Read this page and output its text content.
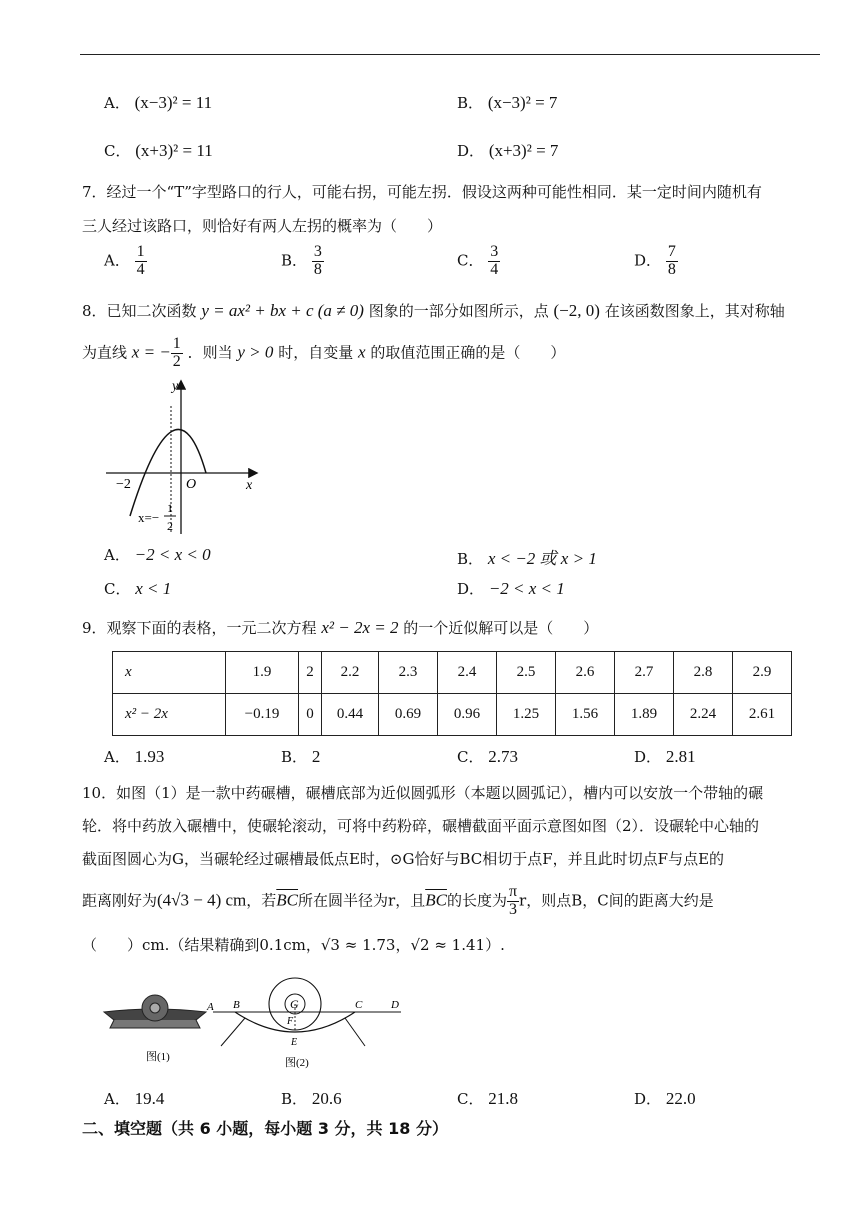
A． (x−3)² = 11	B． (x−3)² = 7
C． (x+3)² = 11	D． (x+3)² = 7
7．经过一个“T”字型路口的行人，可能右拐，可能左拐．假设这两种可能性相同．某一定时间内随机有
三人经过该路口，则恰好有两人左拐的概率为（　　）
A． $\frac{1}{4}$	B． $\frac{3}{8}$	C． $\frac{3}{4}$	D． $\frac{7}{8}$
8．已知二次函数 y = ax² + bx + c (a ≠ 0) 图象的一部分如图所示，点 (−2, 0) 在该函数图象上，其对称轴
为直线 x = − $\frac{1}{2}$ ．则当 y > 0 时，自变量 x 的取值范围正确的是（　　）
y
x
O
−2
x=−
1
2
A． −2 < x < 0	B． x < −2 或 x > 1
C． x < 1	D． −2 < x < 1
9．观察下面的表格，一元二次方程 x² − 2x = 2 的一个近似解可以是（　　）
x	1.9	2	2.2	2.3	2.4	2.5	2.6	2.7	2.8	2.9
x² − 2x	−0.19	0	0.44	0.69	0.96	1.25	1.56	1.89	2.24	2.61
A． 1.93	B． 2	C． 2.73	D． 2.81
10．如图（1）是一款中药碾槽，碾槽底部为近似圆弧形（本题以圆弧记），槽内可以安放一个带轴的碾
轮．将中药放入碾槽中，使碾轮滚动，可将中药粉碎，碾槽截面平面示意图如图（2）．设碾轮中心轴的
截面图圆心为G，当碾轮经过碾槽最低点E时，⊙G恰好与BC相切于点F，并且此时切点F与点E的
距离刚好为(4√3 − 4) cm，若$\overline{BC}$所在圆半径为r，且$\overline{BC}$的长度为 $\frac{\pi}{3}$ r，则点B，C间的距离大约是
（　　）cm.（结果精确到0.1cm，√3 ≈ 1.73，√2 ≈ 1.41）.
图(1)
A B	C	D
G
F
E
图(2)
A． 19.4	B． 20.6	C． 21.8	D． 22.0
二、填空题（共 6 小题，每小题 3 分，共 18 分）
